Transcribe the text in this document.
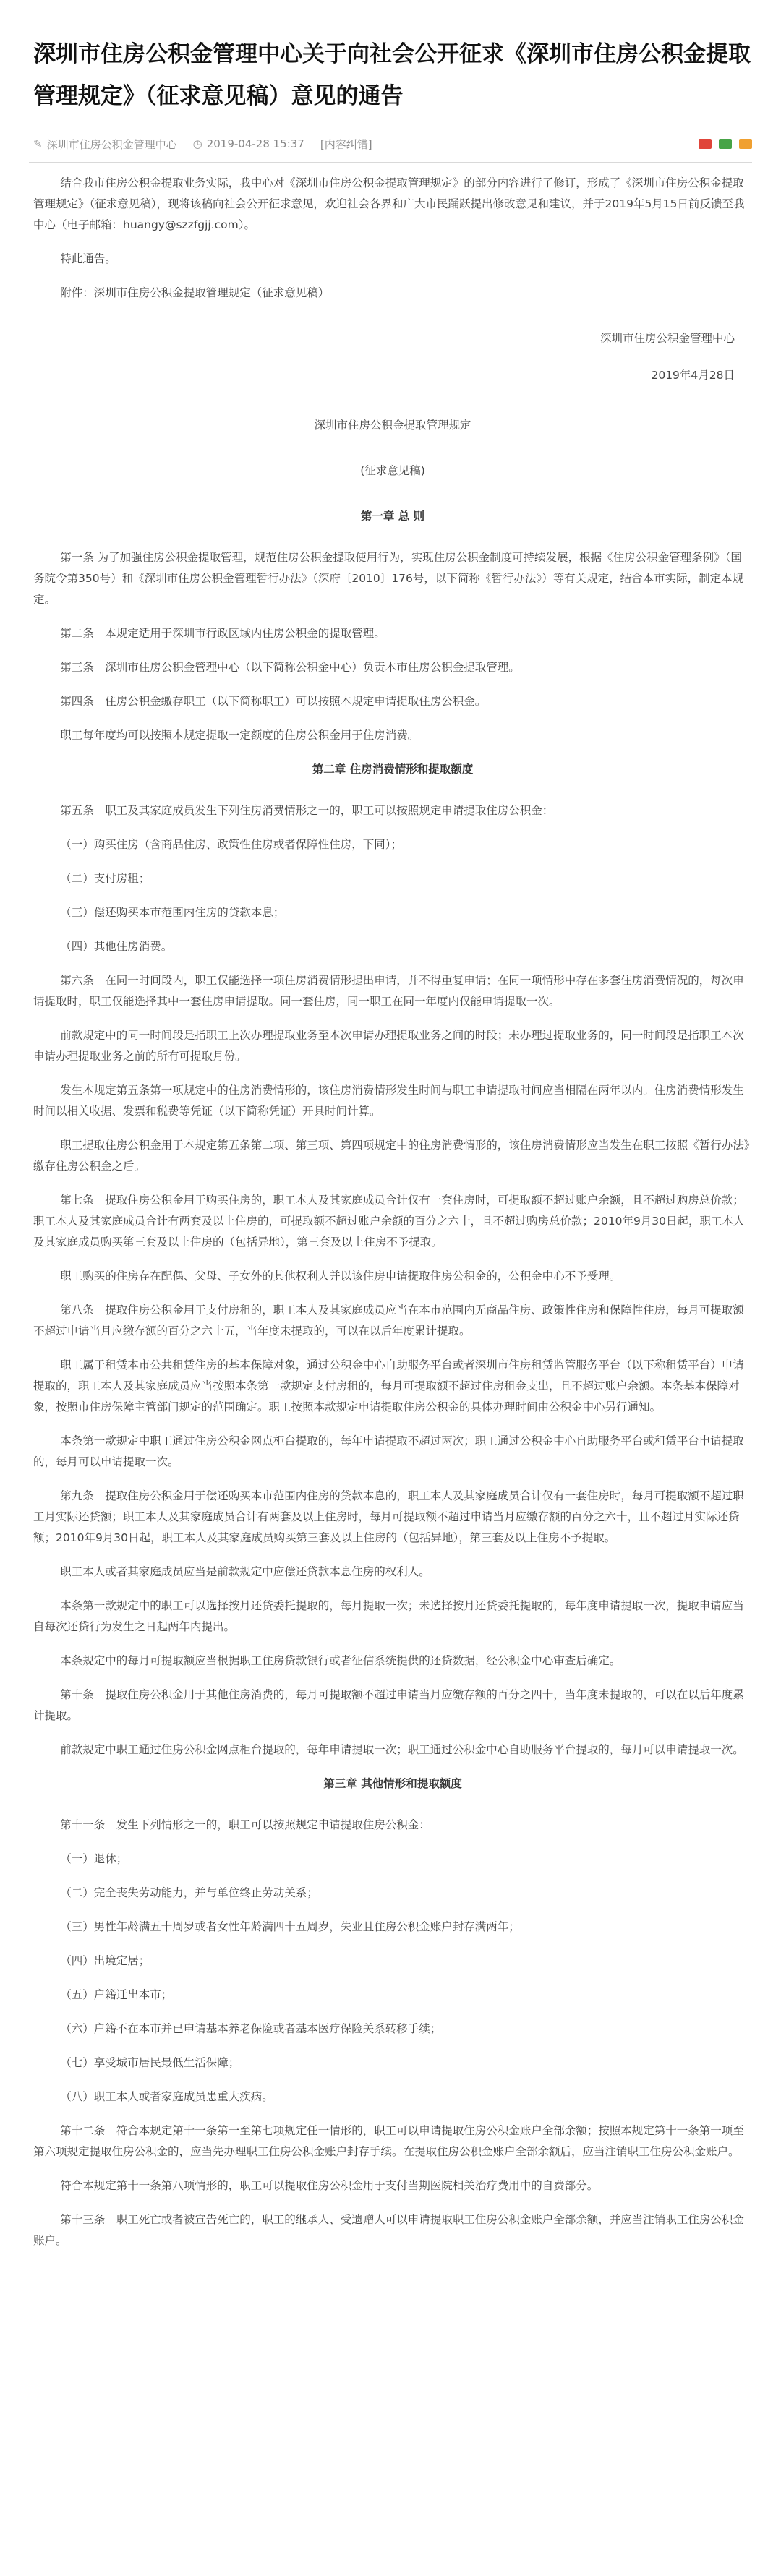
深圳市住房公积金管理中心关于向社会公开征求《深圳市住房公积金提取管理规定》（征求意见稿）意见的通告
✎ 深圳市住房公积金管理中心 ◷ 2019-04-28 15:37 [内容纠错]

结合我市住房公积金提取业务实际，我中心对《深圳市住房公积金提取管理规定》的部分内容进行了修订，形成了《深圳市住房公积金提取管理规定》（征求意见稿），现将该稿向社会公开征求意见，欢迎社会各界和广大市民踊跃提出修改意见和建议，并于2019年5月15日前反馈至我中心（电子邮箱：huangy@szzfgjj.com）。

特此通告。

附件：深圳市住房公积金提取管理规定（征求意见稿）

深圳市住房公积金管理中心

2019年4月28日

深圳市住房公积金提取管理规定

(征求意见稿)

第一章 总 则

第一条 为了加强住房公积金提取管理，规范住房公积金提取使用行为，实现住房公积金制度可持续发展，根据《住房公积金管理条例》（国务院令第350号）和《深圳市住房公积金管理暂行办法》（深府〔2010〕176号，以下简称《暂行办法》）等有关规定，结合本市实际，制定本规定。

第二条　本规定适用于深圳市行政区域内住房公积金的提取管理。

第三条　深圳市住房公积金管理中心（以下简称公积金中心）负责本市住房公积金提取管理。

第四条　住房公积金缴存职工（以下简称职工）可以按照本规定申请提取住房公积金。

职工每年度均可以按照本规定提取一定额度的住房公积金用于住房消费。

第二章 住房消费情形和提取额度

第五条　职工及其家庭成员发生下列住房消费情形之一的，职工可以按照规定申请提取住房公积金：

（一）购买住房（含商品住房、政策性住房或者保障性住房，下同）；

（二）支付房租；

（三）偿还购买本市范围内住房的贷款本息；

（四）其他住房消费。

第六条　在同一时间段内，职工仅能选择一项住房消费情形提出申请，并不得重复申请；在同一项情形中存在多套住房消费情况的，每次申请提取时，职工仅能选择其中一套住房申请提取。同一套住房，同一职工在同一年度内仅能申请提取一次。

前款规定中的同一时间段是指职工上次办理提取业务至本次申请办理提取业务之间的时段；未办理过提取业务的，同一时间段是指职工本次申请办理提取业务之前的所有可提取月份。

发生本规定第五条第一项规定中的住房消费情形的，该住房消费情形发生时间与职工申请提取时间应当相隔在两年以内。住房消费情形发生时间以相关收据、发票和税费等凭证（以下简称凭证）开具时间计算。

职工提取住房公积金用于本规定第五条第二项、第三项、第四项规定中的住房消费情形的，该住房消费情形应当发生在职工按照《暂行办法》缴存住房公积金之后。

第七条　提取住房公积金用于购买住房的，职工本人及其家庭成员合计仅有一套住房时，可提取额不超过账户余额，且不超过购房总价款；职工本人及其家庭成员合计有两套及以上住房的，可提取额不超过账户余额的百分之六十，且不超过购房总价款；2010年9月30日起，职工本人及其家庭成员购买第三套及以上住房的（包括异地），第三套及以上住房不予提取。

职工购买的住房存在配偶、父母、子女外的其他权利人并以该住房申请提取住房公积金的，公积金中心不予受理。

第八条　提取住房公积金用于支付房租的，职工本人及其家庭成员应当在本市范围内无商品住房、政策性住房和保障性住房，每月可提取额不超过申请当月应缴存额的百分之六十五，当年度未提取的，可以在以后年度累计提取。

职工属于租赁本市公共租赁住房的基本保障对象，通过公积金中心自助服务平台或者深圳市住房租赁监管服务平台（以下称租赁平台）申请提取的，职工本人及其家庭成员应当按照本条第一款规定支付房租的，每月可提取额不超过住房租金支出，且不超过账户余额。本条基本保障对象，按照市住房保障主管部门规定的范围确定。职工按照本款规定申请提取住房公积金的具体办理时间由公积金中心另行通知。

本条第一款规定中职工通过住房公积金网点柜台提取的，每年申请提取不超过两次；职工通过公积金中心自助服务平台或租赁平台申请提取的，每月可以申请提取一次。

第九条　提取住房公积金用于偿还购买本市范围内住房的贷款本息的，职工本人及其家庭成员合计仅有一套住房时，每月可提取额不超过职工月实际还贷额；职工本人及其家庭成员合计有两套及以上住房时，每月可提取额不超过申请当月应缴存额的百分之六十，且不超过月实际还贷额；2010年9月30日起，职工本人及其家庭成员购买第三套及以上住房的（包括异地），第三套及以上住房不予提取。

职工本人或者其家庭成员应当是前款规定中应偿还贷款本息住房的权利人。

本条第一款规定中的职工可以选择按月还贷委托提取的，每月提取一次；未选择按月还贷委托提取的，每年度申请提取一次，提取申请应当自每次还贷行为发生之日起两年内提出。

本条规定中的每月可提取额应当根据职工住房贷款银行或者征信系统提供的还贷数据，经公积金中心审查后确定。

第十条　提取住房公积金用于其他住房消费的，每月可提取额不超过申请当月应缴存额的百分之四十，当年度未提取的，可以在以后年度累计提取。

前款规定中职工通过住房公积金网点柜台提取的，每年申请提取一次；职工通过公积金中心自助服务平台提取的，每月可以申请提取一次。

第三章 其他情形和提取额度

第十一条　发生下列情形之一的，职工可以按照规定申请提取住房公积金：

（一）退休；

（二）完全丧失劳动能力，并与单位终止劳动关系；

（三）男性年龄满五十周岁或者女性年龄满四十五周岁，失业且住房公积金账户封存满两年；

（四）出境定居；

（五）户籍迁出本市；

（六）户籍不在本市并已申请基本养老保险或者基本医疗保险关系转移手续；

（七）享受城市居民最低生活保障；

（八）职工本人或者家庭成员患重大疾病。

第十二条　符合本规定第十一条第一至第七项规定任一情形的，职工可以申请提取住房公积金账户全部余额；按照本规定第十一条第一项至第六项规定提取住房公积金的，应当先办理职工住房公积金账户封存手续。在提取住房公积金账户全部余额后，应当注销职工住房公积金账户。

符合本规定第十一条第八项情形的，职工可以提取住房公积金用于支付当期医院相关治疗费用中的自费部分。

第十三条　职工死亡或者被宣告死亡的，职工的继承人、受遗赠人可以申请提取职工住房公积金账户全部余额，并应当注销职工住房公积金账户。
